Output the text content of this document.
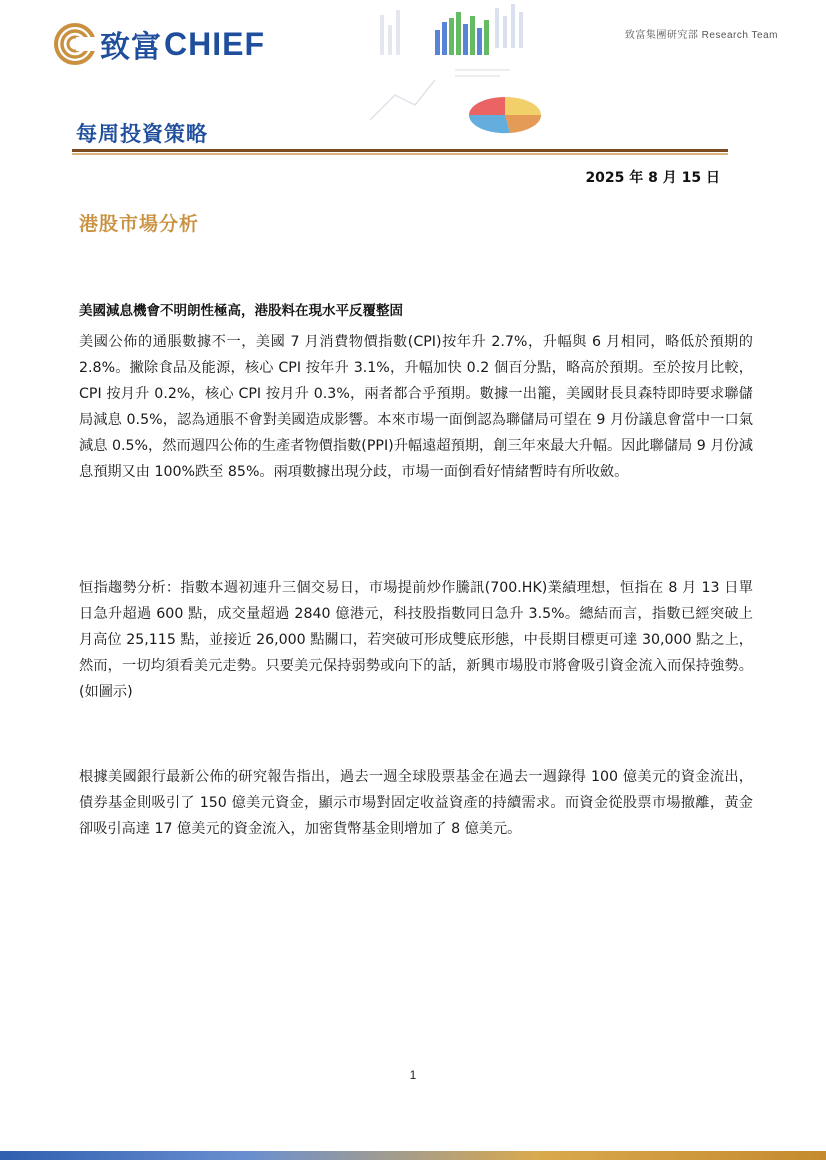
致富 CHIEF	致富集團研究部 Research Team
每周投資策略
2025 年 8 月 15 日
港股市場分析
美國減息機會不明朗性極高，港股料在現水平反覆整固
美國公佈的通脹數據不一，美國 7 月消費物價指數(CPI)按年升 2.7%，升幅與 6 月相同，略低於預期的 2.8%。撇除食品及能源，核心 CPI 按年升 3.1%，升幅加快 0.2 個百分點，略高於預期。至於按月比較，CPI 按月升 0.2%，核心 CPI 按月升 0.3%，兩者都合乎預期。數據一出籠，美國財長貝森特即時要求聯儲局減息 0.5%，認為通脹不會對美國造成影響。本來市場一面倒認為聯儲局可望在 9 月份議息會當中一口氣減息 0.5%，然而週四公佈的生產者物價指數(PPI)升幅遠超預期，創三年來最大升幅。因此聯儲局 9 月份減息預期又由 100%跌至 85%。兩項數據出現分歧，市場一面倒看好情緒暫時有所收斂。
恒指趨勢分析：指數本週初連升三個交易日，市場提前炒作騰訊(700.HK)業績理想，恒指在 8 月 13 日單日急升超過 600 點，成交量超過 2840 億港元，科技股指數同日急升 3.5%。總結而言，指數已經突破上月高位 25,115 點，並接近 26,000 點關口，若突破可形成雙底形態，中長期目標更可達 30,000 點之上，然而，一切均須看美元走勢。只要美元保持弱勢或向下的話，新興市場股市將會吸引資金流入而保持強勢。(如圖示)
根據美國銀行最新公佈的研究報告指出，過去一週全球股票基金在過去一週錄得 100 億美元的資金流出，債券基金則吸引了 150 億美元資金，顯示市場對固定收益資產的持續需求。而資金從股票市場撤離，黃金卻吸引高達 17 億美元的資金流入，加密貨幣基金則增加了 8 億美元。
1
